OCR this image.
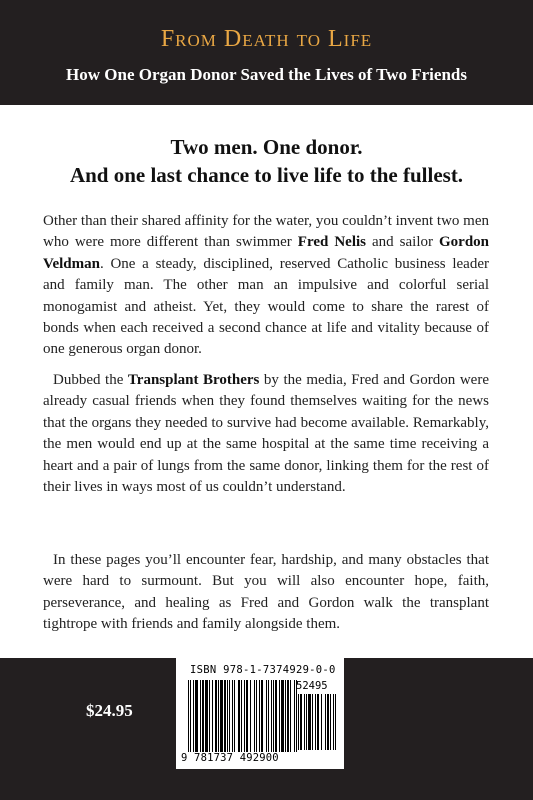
From Death to Life
How One Organ Donor Saved the Lives of Two Friends
Two men. One donor.
And one last chance to live life to the fullest.
Other than their shared affinity for the water, you couldn’t invent two men who were more different than swimmer Fred Nelis and sailor Gordon Veldman. One a steady, disciplined, reserved Catholic business leader and family man. The other man an impulsive and colorful serial monogamist and atheist. Yet, they would come to share the rarest of bonds when each received a second chance at life and vitality because of one generous organ donor.
Dubbed the Transplant Brothers by the media, Fred and Gordon were already casual friends when they found themselves waiting for the news that the organs they needed to survive had become available. Remarkably, the men would end up at the same hospital at the same time receiving a heart and a pair of lungs from the same donor, linking them for the rest of their lives in ways most of us couldn’t understand.
In these pages you’ll encounter fear, hardship, and many obstacles that were hard to surmount. But you will also encounter hope, faith, perseverance, and healing as Fred and Gordon walk the transplant tightrope with friends and family alongside them.
$24.95
ISBN 978-1-7374929-0-0
52495
9 781737 492900
